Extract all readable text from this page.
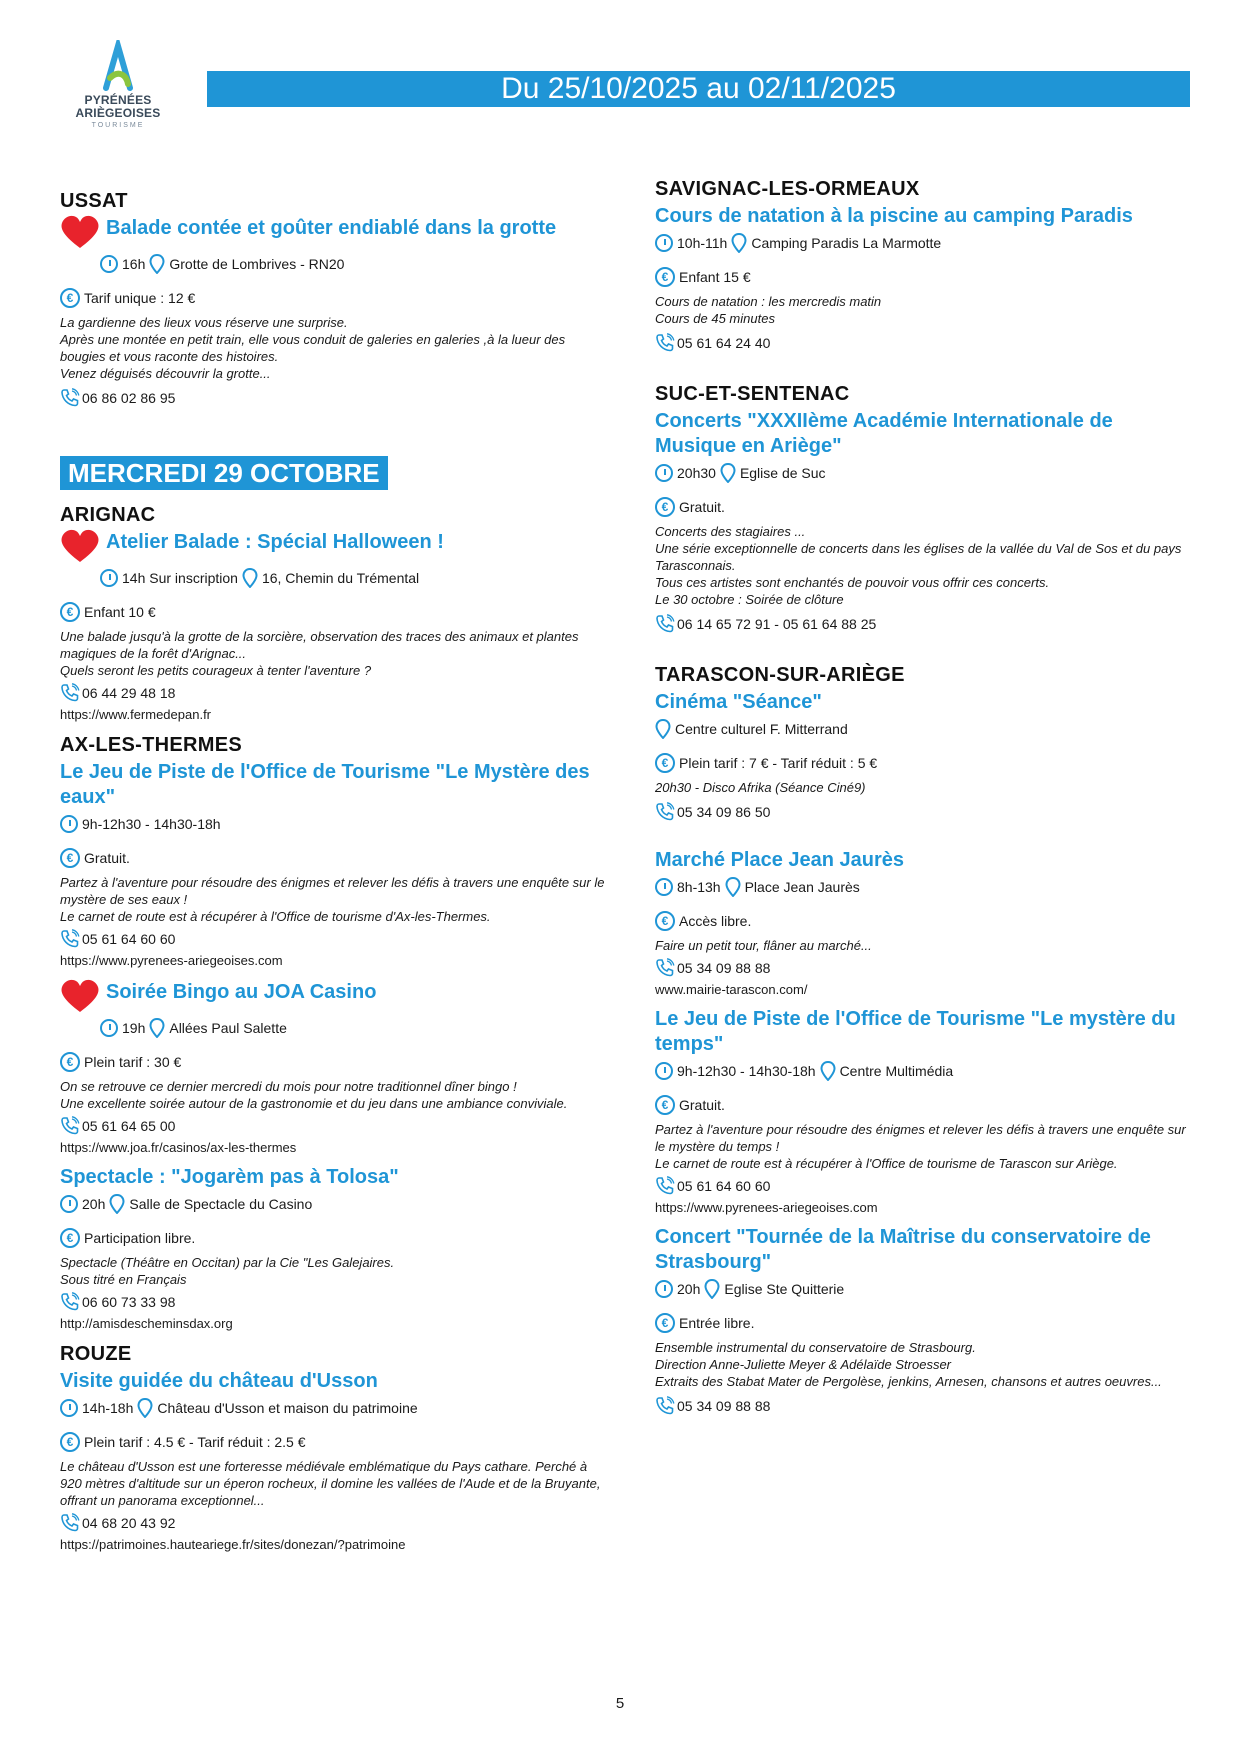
PYRÉNÉES
ARIÈGEOISES
TOURISME
Du 25/10/2025 au 02/11/2025
USSAT
Balade contée et goûter endiablé dans la grotte
16h Grotte de Lombrives - RN20
€ Tarif unique : 12 €
La gardienne des lieux vous réserve une surprise.
Après une montée en petit train, elle vous conduit de galeries en galeries ,à la lueur des bougies et vous raconte des histoires.
Venez déguisés découvrir la grotte...
06 86 02 86 95
MERCREDI 29 OCTOBRE
ARIGNAC
Atelier Balade : Spécial Halloween !
14h Sur inscription 16, Chemin du Trémental
€ Enfant 10 €
Une balade jusqu'à la grotte de la sorcière, observation des traces des animaux et plantes magiques de la forêt d'Arignac...
Quels seront les petits courageux à tenter l'aventure ?
06 44 29 48 18
https://www.fermedepan.fr
AX-LES-THERMES
Le Jeu de Piste de l'Office de Tourisme "Le Mystère des eaux"
9h-12h30 - 14h30-18h
€ Gratuit.
Partez à l'aventure pour résoudre des énigmes et relever les défis à travers une enquête sur le mystère de ses eaux !
Le carnet de route est à récupérer à l'Office de tourisme d'Ax-les-Thermes.
05 61 64 60 60
https://www.pyrenees-ariegeoises.com
Soirée Bingo au JOA Casino
19h Allées Paul Salette
€ Plein tarif : 30 €
On se retrouve ce dernier mercredi du mois pour notre traditionnel dîner bingo !
Une excellente soirée autour de la gastronomie et du jeu dans une ambiance conviviale.
05 61 64 65 00
https://www.joa.fr/casinos/ax-les-thermes
Spectacle : "Jogarèm pas à Tolosa"
20h Salle de Spectacle du Casino
€ Participation libre.
Spectacle (Théâtre en Occitan) par la Cie "Les Galejaires.
Sous titré en Français
06 60 73 33 98
http://amisdescheminsdax.org
ROUZE
Visite guidée du château d'Usson
14h-18h Château d'Usson et maison du patrimoine
€ Plein tarif : 4.5 € - Tarif réduit : 2.5 €
Le château d'Usson est une forteresse médiévale emblématique du Pays cathare. Perché à 920 mètres d'altitude sur un éperon rocheux, il domine les vallées de l'Aude et de la Bruyante, offrant un panorama exceptionnel...
04 68 20 43 92
https://patrimoines.hauteariege.fr/sites/donezan/?patrimoine
SAVIGNAC-LES-ORMEAUX
Cours de natation à la piscine au camping Paradis
10h-11h Camping Paradis La Marmotte
€ Enfant 15 €
Cours de natation : les mercredis matin
Cours de 45 minutes
05 61 64 24 40
SUC-ET-SENTENAC
Concerts "XXXIIème Académie Internationale de Musique en Ariège"
20h30 Eglise de Suc
€ Gratuit.
Concerts des stagiaires ...
Une série exceptionnelle de concerts dans les églises de la vallée du Val de Sos et du pays Tarasconnais.
Tous ces artistes sont enchantés de pouvoir vous offrir ces concerts.
Le 30 octobre : Soirée de clôture
06 14 65 72 91 - 05 61 64 88 25
TARASCON-SUR-ARIÈGE
Cinéma "Séance"
Centre culturel F. Mitterrand
€ Plein tarif : 7 € - Tarif réduit : 5 €
20h30 - Disco Afrika (Séance Ciné9)
05 34 09 86 50
Marché Place Jean Jaurès
8h-13h Place Jean Jaurès
€ Accès libre.
Faire un petit tour, flâner au marché...
05 34 09 88 88
www.mairie-tarascon.com/
Le Jeu de Piste de l'Office de Tourisme "Le mystère du temps"
9h-12h30 - 14h30-18h Centre Multimédia
€ Gratuit.
Partez à l'aventure pour résoudre des énigmes et relever les défis à travers une enquête sur le mystère du temps !
Le carnet de route est à récupérer à l'Office de tourisme de Tarascon sur Ariège.
05 61 64 60 60
https://www.pyrenees-ariegeoises.com
Concert "Tournée de la Maîtrise du conservatoire de Strasbourg"
20h Eglise Ste Quitterie
€ Entrée libre.
Ensemble instrumental du conservatoire de Strasbourg.
Direction Anne-Juliette Meyer & Adélaïde Stroesser
Extraits des Stabat Mater de Pergolèse, jenkins, Arnesen, chansons et autres oeuvres...
05 34 09 88 88
5
